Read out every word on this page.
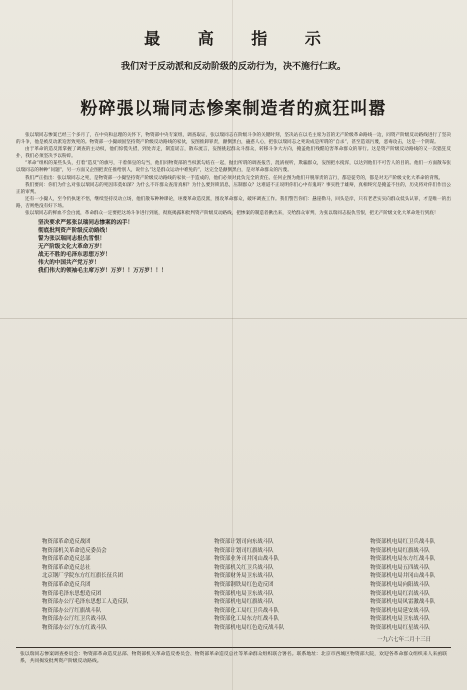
最 高 指 示
我们对于反动派和反动阶级的反动行为，决不施行仁政。
粉碎張以瑞同志惨案制造者的疯狂叫嚣

张以瑞同志惨案已经三个多月了，在中央和总理的关怀下，物资部中央专案组，调查取证，张以瑞同志在阶级斗争的关键时刻，坚决站在以毛主席为首的无产阶级革命路线一边，同资产阶级反动路线进行了坚决的斗争，他是被反动派迫害致死的。物资部一小撮顽固坚持资产阶级反动路线的家伙，妄图推卸罪责，颠倒黑白，蛊惑人心，把张以瑞同志之死说成是所谓的“自杀”，甚至造谣污蔑，恶毒攻击，这是一个阴谋。

由于革命的造反派掌握了调查的主动权，他们惊慌失措，到处奔走，制造谣言，散布流言，妄图挑起群众斗群众，转移斗争大方向，掩盖他们残酷迫害革命群众的罪行。这是资产阶级反动路线的又一次猖狂反扑，我们必须坚决予以粉碎。

“革命”组织的某些头头，打着“造反”的旗号，干着保皇的勾当，他们同物资部的当权派勾结在一起，抛出所谓的调查报告，混淆视听，欺骗群众，妄图把水搅浑，以达到他们不可告人的目的。他们一方面散布张以瑞同志的种种“问题”，另一方面又企图把责任推给别人，说什么“这是群众运动中难免的”，这完全是颠倒黑白，是对革命群众的污蔑。

我们严正指出：张以瑞同志之死，是物资部一小撮坚持资产阶级反动路线的家伙一手造成的，他们必须对此负完全的责任。任何企图为他们开脱罪责的言行，都是徒劳的，都是对无产阶级文化大革命的背叛。

我们要问：你们为什么对张以瑞同志的死因讳莫如深？为什么不许群众查清真相？为什么要封锁消息，压制群众？这难道不正说明你们心中有鬼吗？事实胜于雄辩，真相终究是掩盖不住的，历史将对你们作出公正的审判。

还有一小撮人，至今仍执迷不悟，继续坚持反动立场，他们散布种种谬论，诬蔑革命造反派，围攻革命群众，破坏调查工作。我们警告你们：悬崖勒马，回头是岸，只有老老实实向群众低头认罪，才是唯一的出路，否则绝没有好下场。

张以瑞同志的鲜血不会白流，革命群众一定要把这场斗争进行到底，彻底揭露和批判资产阶级反动路线，把惨案的制造者揪出来，交给群众审判，为张以瑞同志报仇雪恨，把无产阶级文化大革命进行到底！

坚决要求严惩张以瑞同志惨案的凶手！
彻底批判资产阶级反动路线！
誓为张以瑞同志报仇雪恨！
无产阶级文化大革命万岁！
战无不胜的毛泽东思想万岁！
伟大的中国共产党万岁！
我们伟大的领袖毛主席万岁！万岁！！万万岁！！！
物资部革命造反战团
物资部机关革命造反委员会
物资部革命造反总部
物资部革命造反总社
北京钢厂学院东方红红旗长征兵团
物资部革命造反兵团
物资部毛泽东思想造反团
物资部办公厅毛泽东思想工人造反队
物资部办公厅红旗战斗队
物资部办公厅红卫兵战斗队
物资部办公厅东方红战斗队
物资部计划司向东战斗队
物资部计划司红旗战斗队
物资部业务司井冈山战斗队
物资部机关红卫兵战斗队
物资部财务局卫东战斗队
物资部钢铁局红色造反团
物资部机电局卫东战斗队
物资部机电局红旗战斗队
物资部化工局红卫兵战斗队
物资部化工局东方红战斗队
物资部机电局红色造反战斗队
物资部机电局红卫兵战斗队
物资部机电局红旗战斗队
物资部机电局东方红战斗队
物资部机电局五四战斗队
物资部机电局井冈山战斗队
物资部机电局向阳战斗队
物资部机电局红岩战斗队
物资部机电局风雷激战斗队
物资部机电局延安战斗队
物资部机电局卫东战斗队
物资部机电局红星战斗队
一九六七年二月十三日
张以瑞同志惨案调查委员会：物资部革命造反总部、物资部机关革命造反委员会、物资部革命造反总社等革命群众组织联合署名。联系地址：北京市西城区物资部大院，欢迎各革命群众组织来人来函联系，共同揭发批判资产阶级反动路线。
